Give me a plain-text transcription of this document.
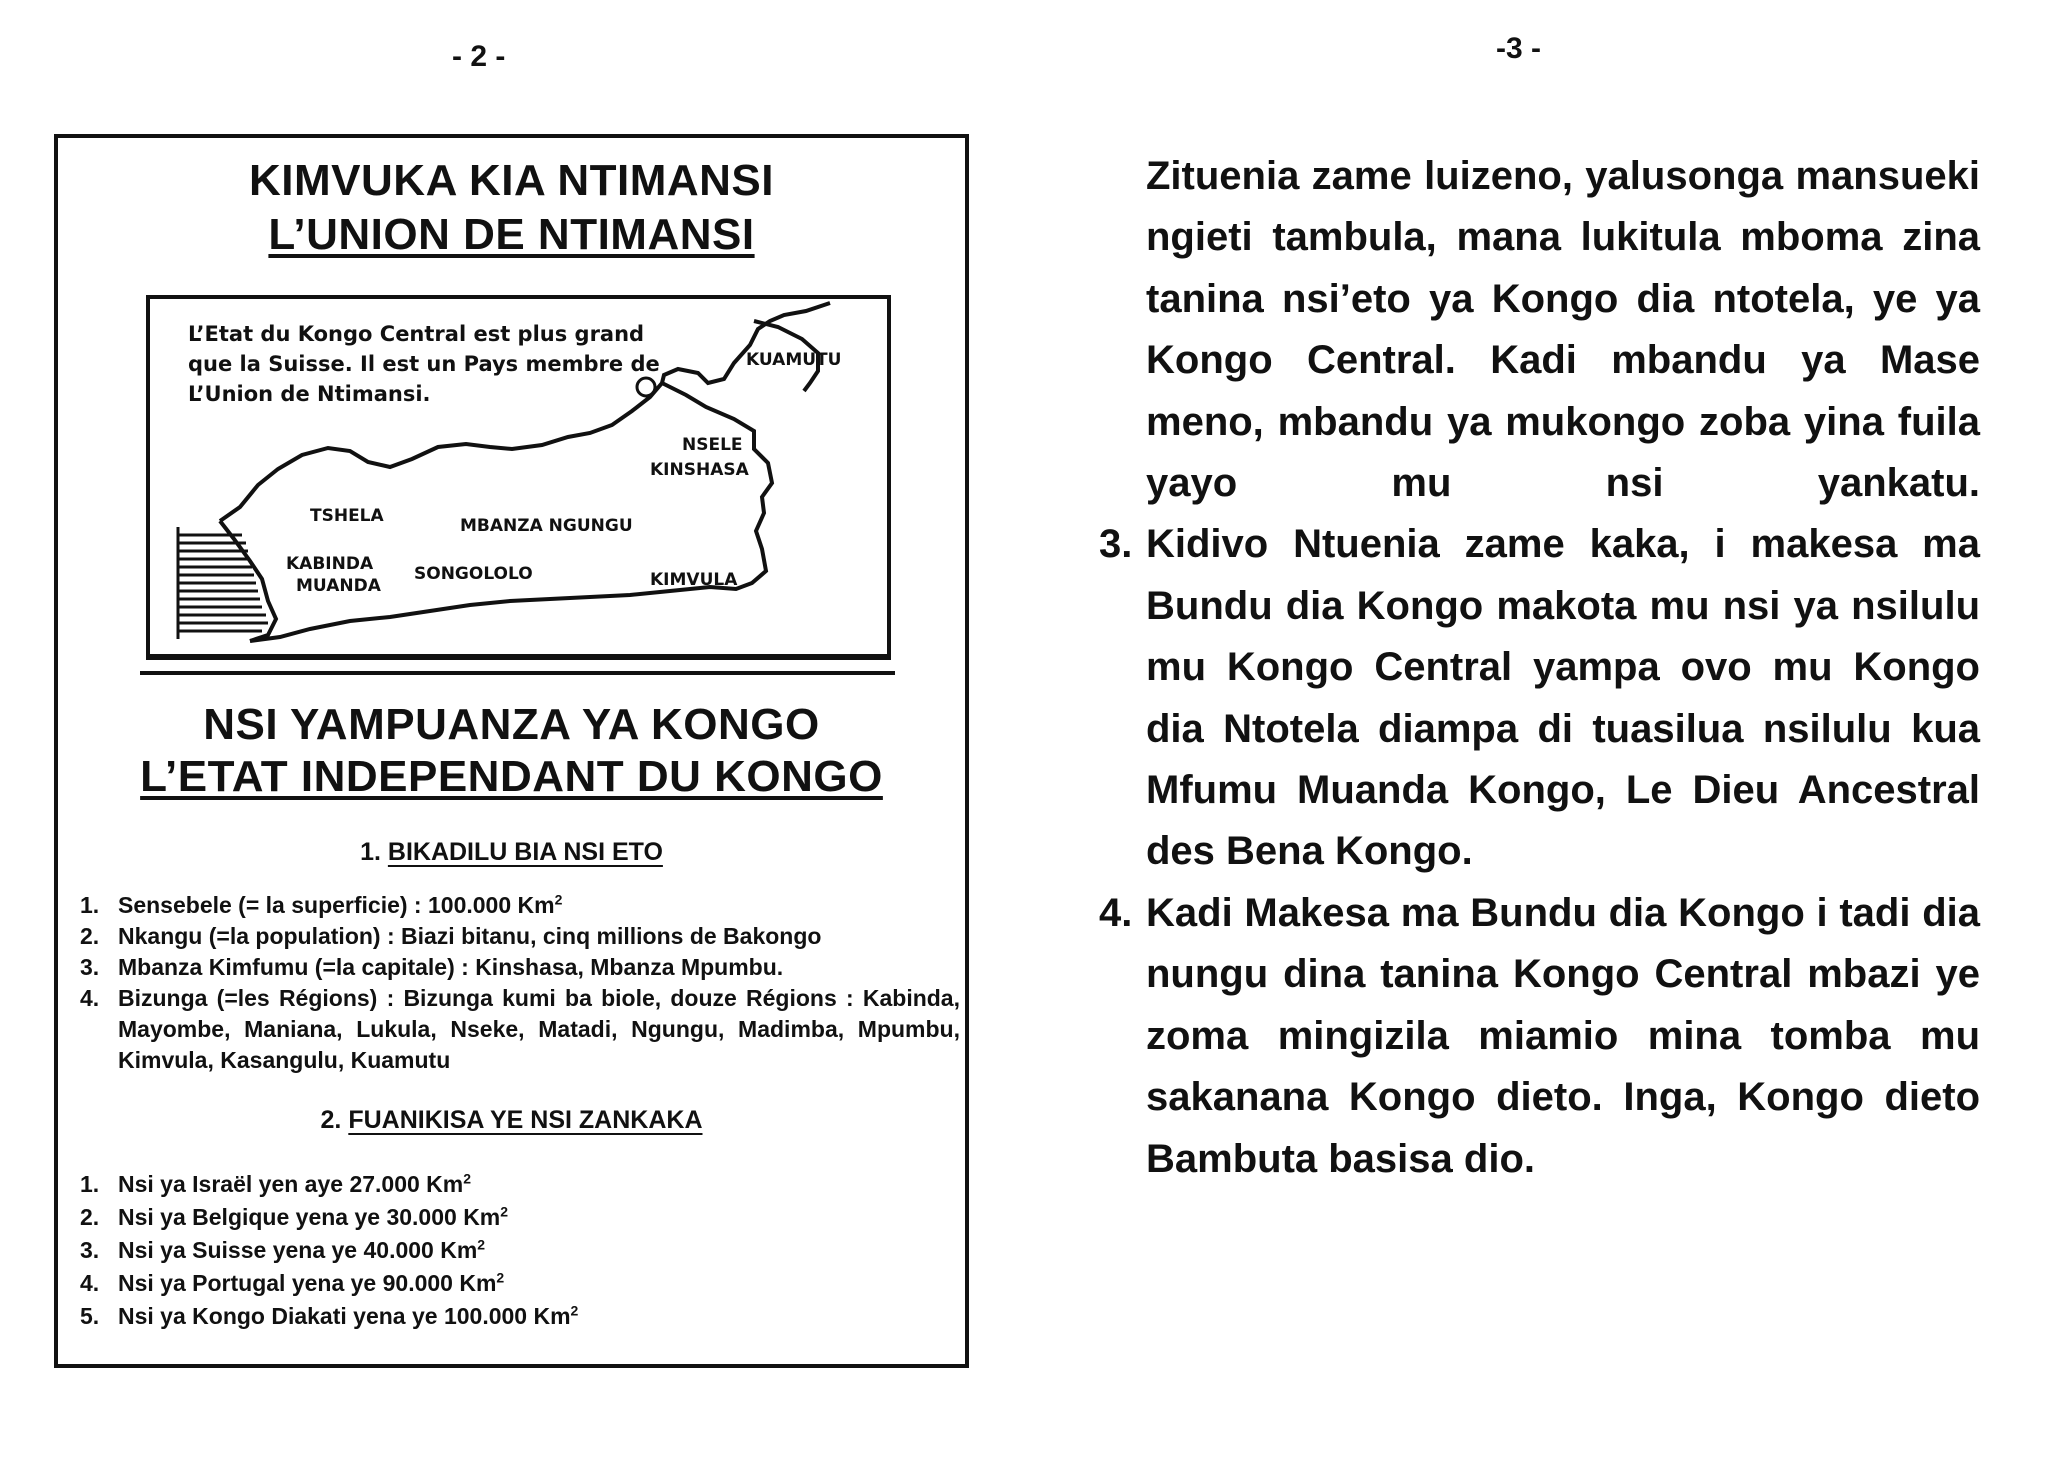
- 2 -	-3 -
KIMVUKA KIA NTIMANSI
L’UNION DE NTIMANSI
L’Etat du Kongo Central est plus grand que la Suisse. Il est un Pays membre de L’Union de Ntimansi.
KUAMUTU
NSELE
KINSHASA
TSHELA	MBANZA NGUNGU
KABINDA
MUANDA
SONGOLOLO	KIMVULA
NSI YAMPUANZA YA KONGO
L’ETAT INDEPENDANT DU KONGO
1. BIKADILU BIA NSI ETO
1. Sensebele (= la superficie) : 100.000 Km$^2$
2. Nkangu (=la population) : Biazi bitanu, cinq millions de Bakongo
3. Mbanza Kimfumu (=la capitale) : Kinshasa, Mbanza Mpumbu.
4. Bizunga (=les Régions) : Bizunga kumi ba biole, douze Régions : Kabinda, Mayombe, Maniana, Lukula, Nseke, Matadi, Ngungu, Madimba, Mpumbu, Kimvula, Kasangulu, Kuamutu
2. FUANIKISA YE NSI ZANKAKA
1. Nsi ya Israël yen aye 27.000 Km$^2$
2. Nsi ya Belgique yena ye 30.000 Km$^2$
3. Nsi ya Suisse yena ye 40.000 Km$^2$
4. Nsi ya Portugal yena ye 90.000 Km$^2$
5. Nsi ya Kongo Diakati yena ye 100.000 Km$^2$

Zituenia zame luizeno, yalusonga mansueki ngieti tambula, mana lukitula mboma zina tanina nsi’eto ya Kongo dia ntotela, ye ya Kongo Central. Kadi mbandu ya Mase meno, mbandu ya mukongo zoba yina fuila yayo mu nsi yankatu.

3. Kidivo Ntuenia zame kaka, i makesa ma Bundu dia Kongo makota mu nsi ya nsilulu mu Kongo Central yampa ovo mu Kongo dia Ntotela diampa di tuasilua nsilulu kua Mfumu Muanda Kongo, Le Dieu Ancestral des Bena Kongo.

4. Kadi Makesa ma Bundu dia Kongo i tadi dia nungu dina tanina Kongo Central mbazi ye zoma mingizila miamio mina tomba mu sakanana Kongo dieto. Inga, Kongo dieto Bambuta basisa dio.
